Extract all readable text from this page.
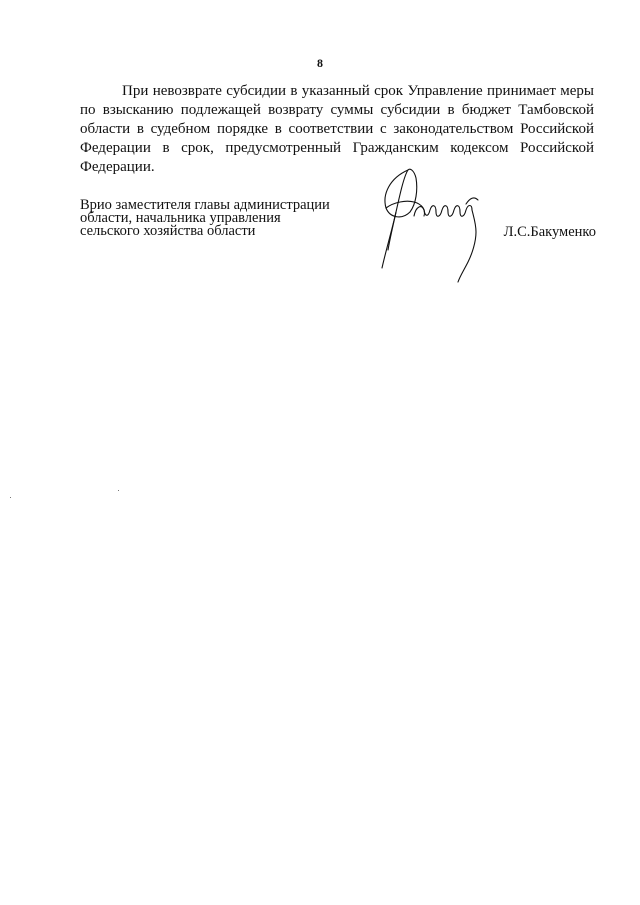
8

При невозврате субсидии в указанный срок Управление принимает меры по взысканию подлежащей возврату суммы субсидии в бюджет Тамбовской области в судебном порядке в соответствии с законодательством Российской Федерации в срок, предусмотренный Гражданским кодексом Российской Федерации.

Врио заместителя главы администрации
области, начальника управления
сельского хозяйства области	Л.С.Бакуменко
